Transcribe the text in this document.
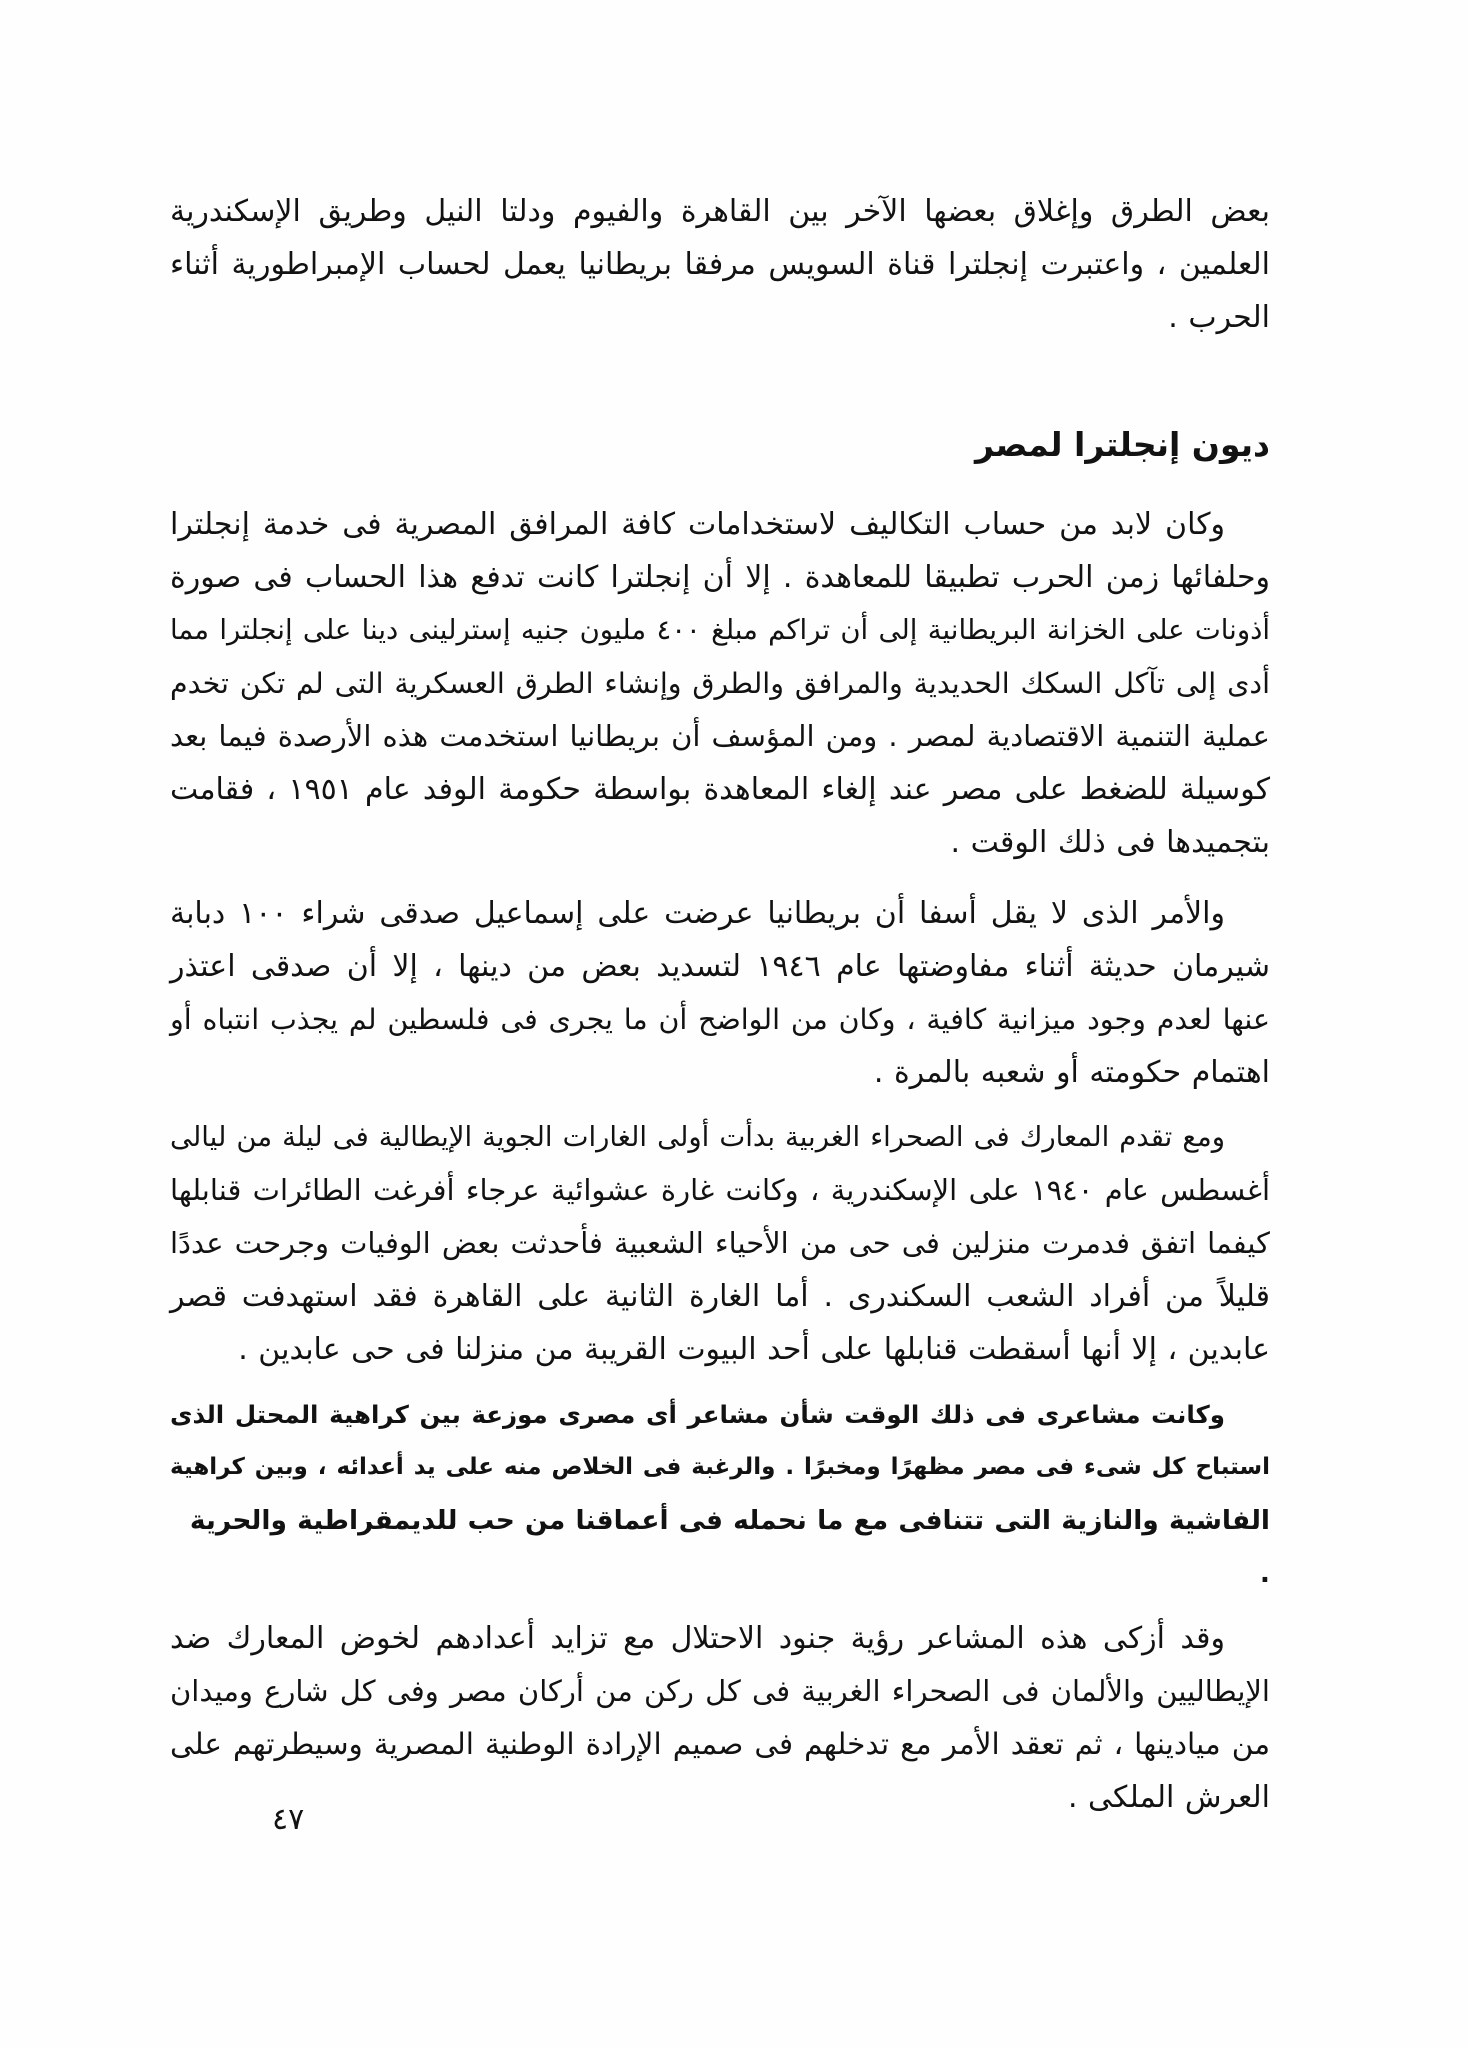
بعض الطرق وإغلاق بعضها الآخر بين القاهرة والفيوم ودلتا النيل وطريق الإسكندرية
العلمين ، واعتبرت إنجلترا قناة السويس مرفقا بريطانيا يعمل لحساب الإمبراطورية أثناء
الحرب .
ديون إنجلترا لمصر
وكان لابد من حساب التكاليف لاستخدامات كافة المرافق المصرية فى خدمة إنجلترا
وحلفائها زمن الحرب تطبيقا للمعاهدة . إلا أن إنجلترا كانت تدفع هذا الحساب فى صورة
أذونات على الخزانة البريطانية إلى أن تراكم مبلغ ٤٠٠ مليون جنيه إسترلينى دينا على إنجلترا مما
أدى إلى تآكل السكك الحديدية والمرافق والطرق وإنشاء الطرق العسكرية التى لم تكن تخدم
عملية التنمية الاقتصادية لمصر . ومن المؤسف أن بريطانيا استخدمت هذه الأرصدة فيما بعد
كوسيلة للضغط على مصر عند إلغاء المعاهدة بواسطة حكومة الوفد عام ١٩٥١ ، فقامت
بتجميدها فى ذلك الوقت .
والأمر الذى لا يقل أسفا أن بريطانيا عرضت على إسماعيل صدقى شراء ١٠٠ دبابة
شيرمان حديثة أثناء مفاوضتها عام ١٩٤٦ لتسديد بعض من دينها ، إلا أن صدقى اعتذر
عنها لعدم وجود ميزانية كافية ، وكان من الواضح أن ما يجرى فى فلسطين لم يجذب انتباه أو
اهتمام حكومته أو شعبه بالمرة .
ومع تقدم المعارك فى الصحراء الغربية بدأت أولى الغارات الجوية الإيطالية فى ليلة من ليالى
أغسطس عام ١٩٤٠ على الإسكندرية ، وكانت غارة عشوائية عرجاء أفرغت الطائرات قنابلها
كيفما اتفق فدمرت منزلين فى حى من الأحياء الشعبية فأحدثت بعض الوفيات وجرحت عددًا
قليلاً من أفراد الشعب السكندرى . أما الغارة الثانية على القاهرة فقد استهدفت قصر
عابدين ، إلا أنها أسقطت قنابلها على أحد البيوت القريبة من منزلنا فى حى عابدين .
وكانت مشاعرى فى ذلك الوقت شأن مشاعر أى مصرى موزعة بين كراهية المحتل الذى
استباح كل شىء فى مصر مظهرًا ومخبرًا . والرغبة فى الخلاص منه على يد أعدائه ، وبين كراهية
الفاشية والنازية التى تتنافى مع ما نحمله فى أعماقنا من حب للديمقراطية والحرية .
وقد أزكى هذه المشاعر رؤية جنود الاحتلال مع تزايد أعدادهم لخوض المعارك ضد
الإيطاليين والألمان فى الصحراء الغربية فى كل ركن من أركان مصر وفى كل شارع وميدان
من ميادينها ، ثم تعقد الأمر مع تدخلهم فى صميم الإرادة الوطنية المصرية وسيطرتهم على
العرش الملكى .
٤٧
